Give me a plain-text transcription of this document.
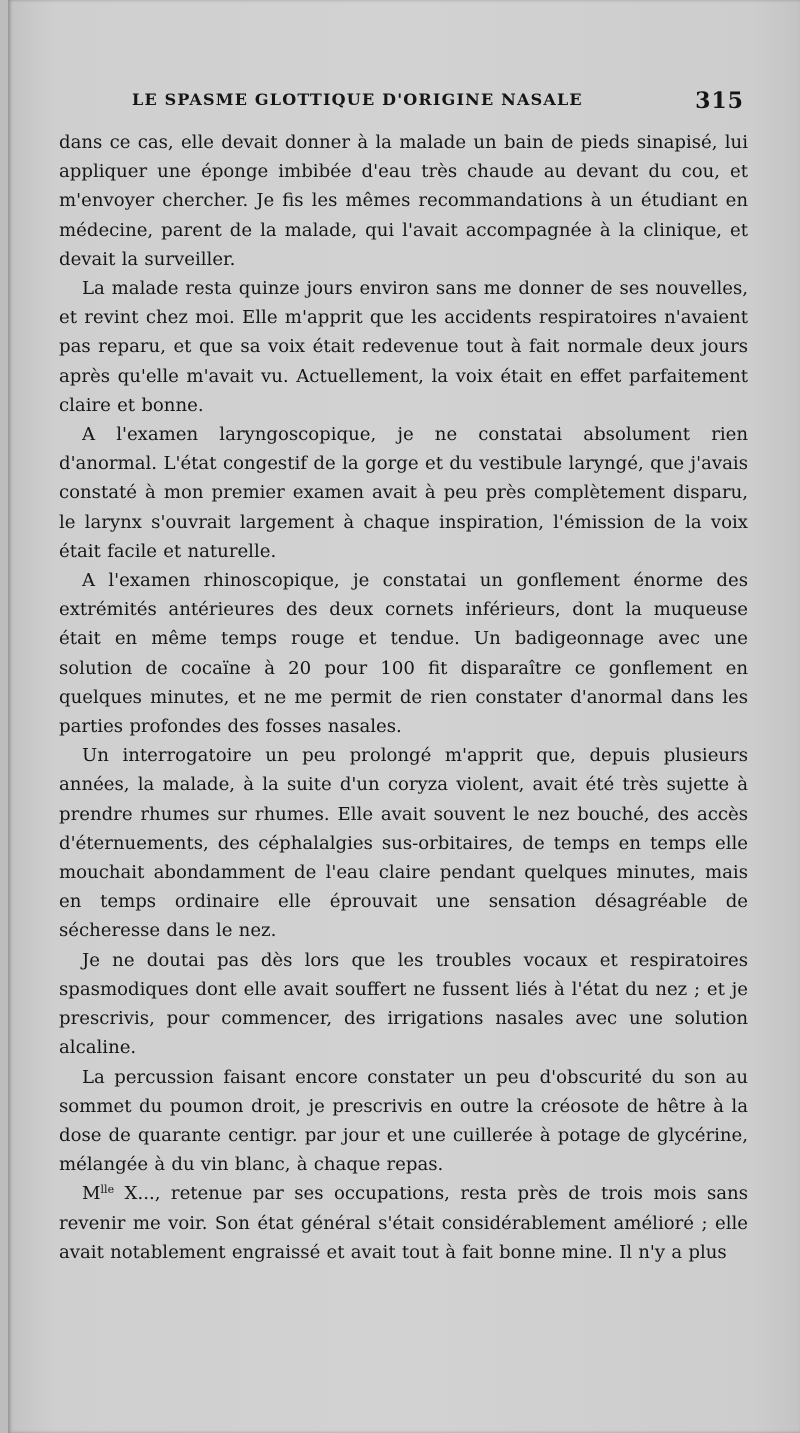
LE SPASME GLOTTIQUE D'ORIGINE NASALE	315

dans ce cas, elle devait donner à la malade un bain de pieds sinapisé, lui appliquer une éponge imbibée d'eau très chaude au devant du cou, et m'envoyer chercher. Je fis les mêmes recommandations à un étudiant en médecine, parent de la malade, qui l'avait accompagnée à la clinique, et devait la surveiller.

La malade resta quinze jours environ sans me donner de ses nouvelles, et revint chez moi. Elle m'apprit que les accidents respiratoires n'avaient pas reparu, et que sa voix était redevenue tout à fait normale deux jours après qu'elle m'avait vu. Actuellement, la voix était en effet parfaitement claire et bonne.

A l'examen laryngoscopique, je ne constatai absolument rien d'anormal. L'état congestif de la gorge et du vestibule laryngé, que j'avais constaté à mon premier examen avait à peu près complètement disparu, le larynx s'ouvrait largement à chaque inspiration, l'émission de la voix était facile et naturelle.

A l'examen rhinoscopique, je constatai un gonflement énorme des extrémités antérieures des deux cornets inférieurs, dont la muqueuse était en même temps rouge et tendue. Un badigeonnage avec une solution de cocaïne à 20 pour 100 fit disparaître ce gonflement en quelques minutes, et ne me permit de rien constater d'anormal dans les parties profondes des fosses nasales.

Un interrogatoire un peu prolongé m'apprit que, depuis plusieurs années, la malade, à la suite d'un coryza violent, avait été très sujette à prendre rhumes sur rhumes. Elle avait souvent le nez bouché, des accès d'éternuements, des céphalalgies sus-orbitaires, de temps en temps elle mouchait abondamment de l'eau claire pendant quelques minutes, mais en temps ordinaire elle éprouvait une sensation désagréable de sécheresse dans le nez.

Je ne doutai pas dès lors que les troubles vocaux et respiratoires spasmodiques dont elle avait souffert ne fussent liés à l'état du nez ; et je prescrivis, pour commencer, des irrigations nasales avec une solution alcaline.

La percussion faisant encore constater un peu d'obscurité du son au sommet du poumon droit, je prescrivis en outre la créosote de hêtre à la dose de quarante centigr. par jour et une cuillerée à potage de glycérine, mélangée à du vin blanc, à chaque repas.

$M^{lle}$ X..., retenue par ses occupations, resta près de trois mois sans revenir me voir. Son état général s'était considérablement amélioré ; elle avait notablement engraissé et avait tout à fait bonne mine. Il n'y a plus
